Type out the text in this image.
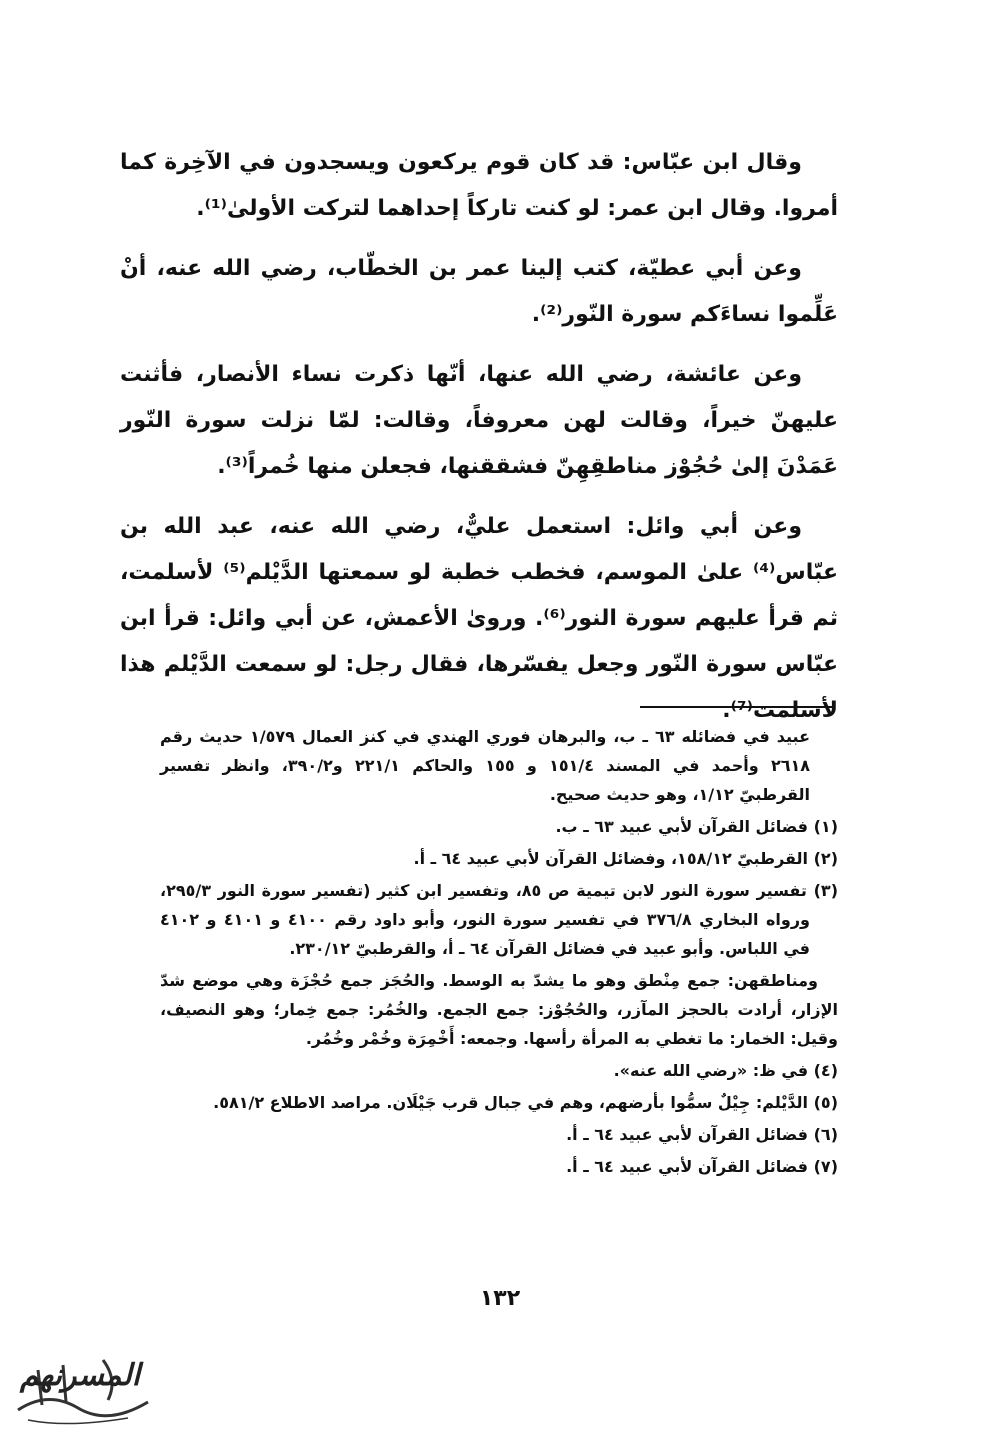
وقال ابن عبّاس: قد كان قوم يركعون ويسجدون في الآخِرة كما أمروا. وقال ابن عمر: لو كنت تاركاً إحداهما لتركت الأولىٰ⁽¹⁾.

وعن أبي عطيّة، كتب إلينا عمر بن الخطّاب، رضي الله عنه، أنْ عَلِّموا نساءَكم سورة النّور⁽²⁾.

وعن عائشة، رضي الله عنها، أنّها ذكرت نساء الأنصار، فأثنت عليهنّ خيراً، وقالت لهن معروفاً، وقالت: لمّا نزلت سورة النّور عَمَدْنَ إلىٰ حُجُوْز مناطقِهِنّ فشققنها، فجعلن منها خُمراً⁽³⁾.

وعن أبي وائل: استعمل عليٌّ، رضي الله عنه، عبد الله بن عبّاس⁽⁴⁾ علىٰ الموسم، فخطب خطبة لو سمعتها الدَّيْلم⁽⁵⁾ لأسلمت، ثم قرأ عليهم سورة النور⁽⁶⁾. وروىٰ الأعمش، عن أبي وائل: قرأ ابن عبّاس سورة النّور وجعل يفسّرها، فقال رجل: لو سمعت الدَّيْلم هذا لأسلمت⁽⁷⁾.

عبيد في فضائله ٦٣ ـ ب، والبرهان فوري الهندي في كنز العمال ١/٥٧٩ حديث رقم ٢٦١٨ وأحمد في المسند ١٥١/٤ و ١٥٥ والحاكم ٢٢١/١ و٣٩٠/٢، وانظر تفسير القرطبيّ ١/١٢، وهو حديث صحيح.

(١) فضائل القرآن لأبي عبيد ٦٣ ـ ب.

(٢) القرطبيّ ١٥٨/١٢، وفضائل القرآن لأبي عبيد ٦٤ ـ أ.

(٣) تفسير سورة النور لابن تيمية ص ٨٥، وتفسير ابن كثير (تفسير سورة النور ٢٩٥/٣، ورواه البخاري ٣٧٦/٨ في تفسير سورة النور، وأبو داود رقم ٤١٠٠ و ٤١٠١ و ٤١٠٢ في اللباس. وأبو عبيد في فضائل القرآن ٦٤ ـ أ، والقرطبيّ ٢٣٠/١٢.

ومناطقهن: جمع مِنْطق وهو ما يشدّ به الوسط. والحُجَز جمع حُجْزَة وهي موضع شدّ الإزار، أرادت بالحجز المآزر، والحُجُوْز: جمع الجمع. والخُمُر: جمع خِمار؛ وهو النصيف، وقيل: الخمار: ما تغطي به المرأة رأسها. وجمعه: أَخْمِرَة وخُمْر وخُمُر.

(٤) في ظ: «رضي الله عنه».

(٥) الدَّيْلم: جِيْلٌ سمُّوا بأرضهم، وهم في جبال قرب جَيْلَان. مراصد الاطلاع ٥٨١/٢.

(٦) فضائل القرآن لأبي عبيد ٦٤ ـ أ.

(٧) فضائل القرآن لأبي عبيد ٦٤ ـ أ.

١٣٢
المسرنهم
